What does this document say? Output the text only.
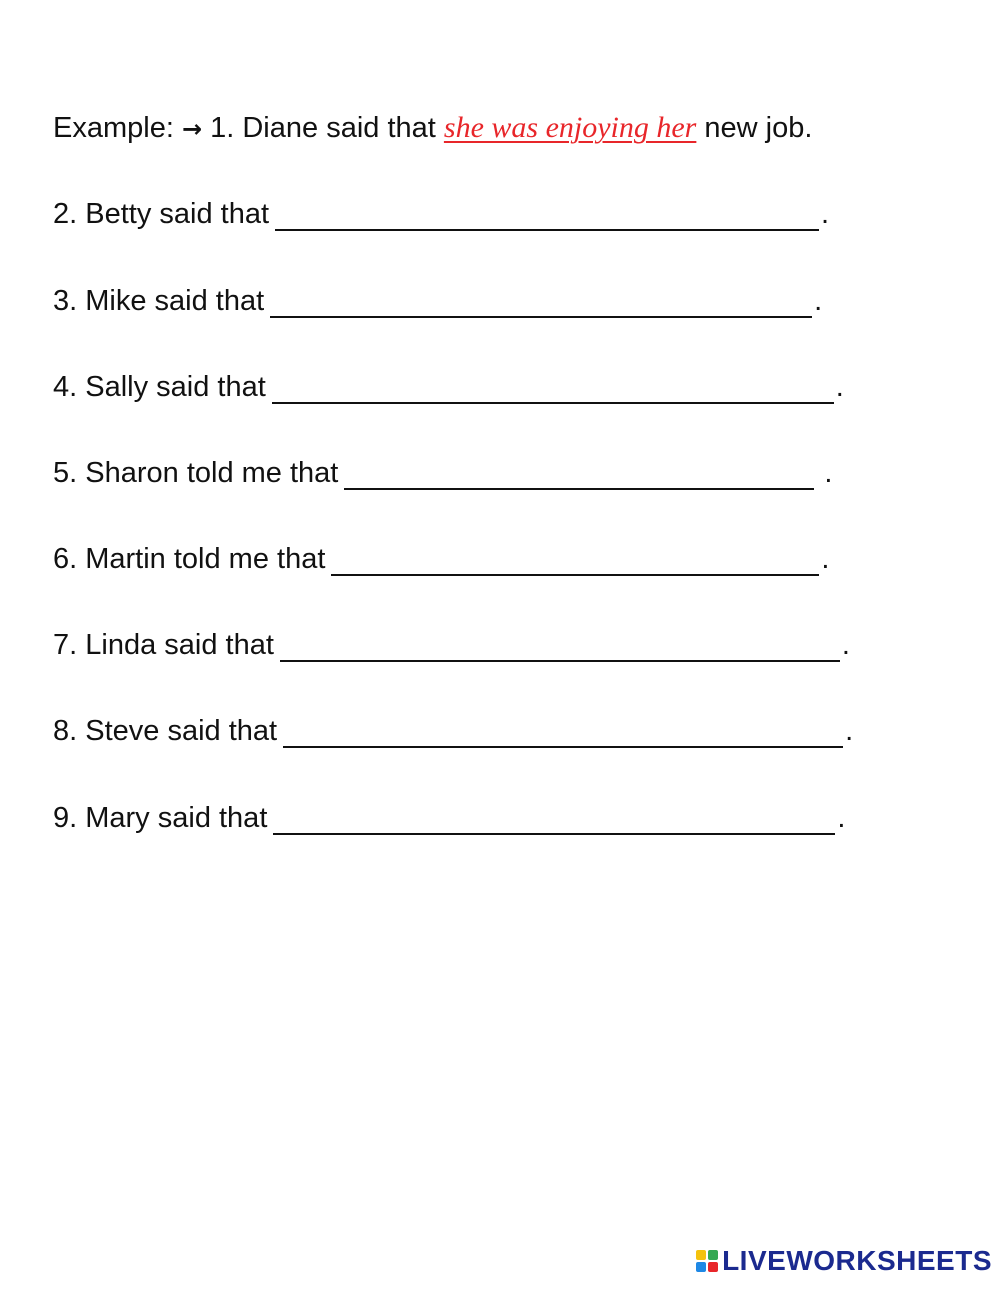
Example: → 1. Diane said that she was enjoying her new job.

2. Betty said that	.

3. Mike said that	.

4. Sally said that	.

5. Sharon told me that	.

6. Martin told me that	.

7. Linda said that	.

8. Steve said that	.

9. Mary said that	.

LIVEWORKSHEETS
